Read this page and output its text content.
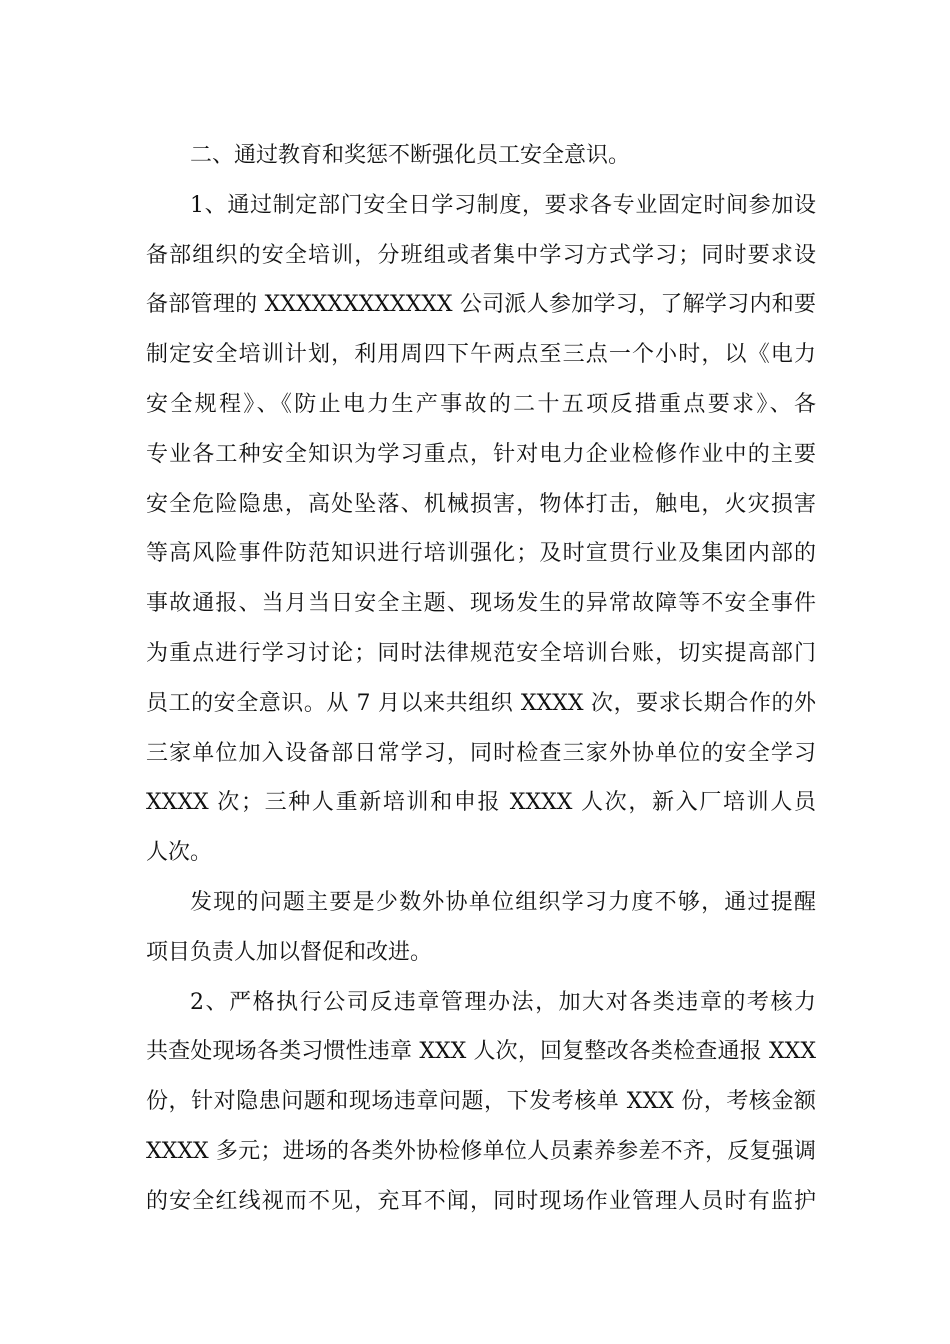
二、通过教育和奖惩不断强化员工安全意识。
1、通过制定部门安全日学习制度，要求各专业固定时间参加设
备部组织的安全培训，分班组或者集中学习方式学习；同时要求设
备部管理的 XXXXXXXXXXXX 公司派人参加学习，了解学习内和要
制定安全培训计划，利用周四下午两点至三点一个小时，以《电力
安全规程》、《防止电力生产事故的二十五项反措重点要求》、各
专业各工种安全知识为学习重点，针对电力企业检修作业中的主要
安全危险隐患，高处坠落、机械损害，物体打击，触电，火灾损害
等高风险事件防范知识进行培训强化；及时宣贯行业及集团内部的
事故通报、当月当日安全主题、现场发生的异常故障等不安全事件
为重点进行学习讨论；同时法律规范安全培训台账，切实提高部门
员工的安全意识。从 7 月以来共组织 XXXX 次，要求长期合作的外
三家单位加入设备部日常学习，同时检查三家外协单位的安全学习
XXXX 次；三种人重新培训和申报 XXXX 人次，新入厂培训人员
人次。
发现的问题主要是少数外协单位组织学习力度不够，通过提醒
项目负责人加以督促和改进。
2、严格执行公司反违章管理办法，加大对各类违章的考核力
共查处现场各类习惯性违章 XXX 人次，回复整改各类检查通报 XXX
份，针对隐患问题和现场违章问题，下发考核单 XXX 份，考核金额
XXXX 多元；进场的各类外协检修单位人员素养参差不齐，反复强调
的安全红线视而不见，充耳不闻，同时现场作业管理人员时有监护
